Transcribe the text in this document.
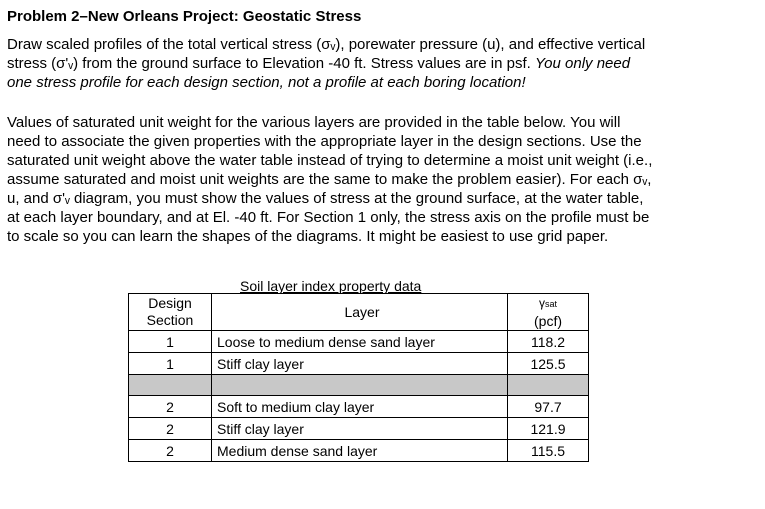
Problem 2–New Orleans Project: Geostatic Stress
Draw scaled profiles of the total vertical stress (σᵥ), porewater pressure (u), and effective vertical
stress (σ'ᵥ) from the ground surface to Elevation -40 ft. Stress values are in psf. You only need
one stress profile for each design section, not a profile at each boring location!
Values of saturated unit weight for the various layers are provided in the table below. You will
need to associate the given properties with the appropriate layer in the design sections. Use the
saturated unit weight above the water table instead of trying to determine a moist unit weight (i.e.,
assume saturated and moist unit weights are the same to make the problem easier). For each σᵥ,
u, and σ'ᵥ diagram, you must show the values of stress at the ground surface, at the water table,
at each layer boundary, and at El. -40 ft. For Section 1 only, the stress axis on the profile must be
to scale so you can learn the shapes of the diagrams. It might be easiest to use grid paper.
Soil layer index property data
Design
Section	Layer	γsat
(pcf)
1	Loose to medium dense sand layer	118.2
1	Stiff clay layer	125.5

2	Soft to medium clay layer	97.7
2	Stiff clay layer	121.9
2	Medium dense sand layer	115.5
